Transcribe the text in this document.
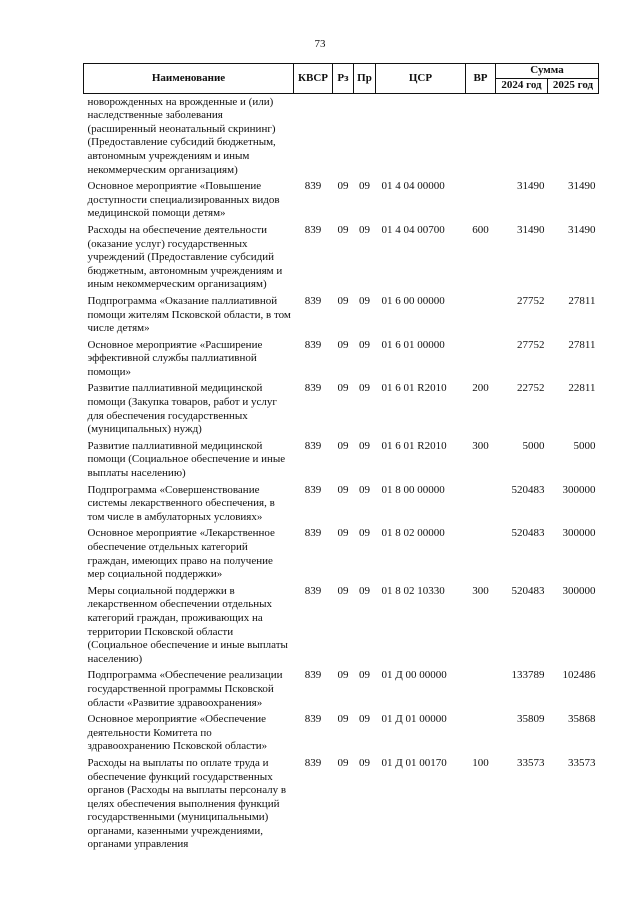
73
Наименование	КВСР	Рз	Пр	ЦСР	ВР	Сумма	
						2024 год	2025 год
новорожденных на врожденные и (или) наследственные заболевания (расширенный неонатальный скрининг) (Предоставление субсидий бюджетным, автономным учреждениям и иным некоммерческим организациям)							
Основное мероприятие «Повышение доступности специализированных видов медицинской помощи детям»	839	09	09	01 4 04 00000		31490	31490
Расходы на обеспечение деятельности (оказание услуг) государственных учреждений (Предоставление субсидий бюджетным, автономным учреждениям и иным некоммерческим организациям)	839	09	09	01 4 04 00700	600	31490	31490
Подпрограмма «Оказание паллиативной помощи жителям Псковской области, в том числе детям»	839	09	09	01 6 00 00000		27752	27811
Основное мероприятие «Расширение эффективной службы паллиативной помощи»	839	09	09	01 6 01 00000		27752	27811
Развитие паллиативной медицинской помощи (Закупка товаров, работ и услуг для обеспечения государственных (муниципальных) нужд)	839	09	09	01 6 01 R2010	200	22752	22811
Развитие паллиативной медицинской помощи (Социальное обеспечение и иные выплаты населению)	839	09	09	01 6 01 R2010	300	5000	5000
Подпрограмма «Совершенствование системы лекарственного обеспечения, в том числе в амбулаторных условиях»	839	09	09	01 8 00 00000		520483	300000
Основное мероприятие «Лекарственное обеспечение отдельных категорий граждан, имеющих право на получение мер социальной поддержки»	839	09	09	01 8 02 00000		520483	300000
Меры социальной поддержки в лекарственном обеспечении отдельных категорий граждан, проживающих на территории Псковской области (Социальное обеспечение и иные выплаты населению)	839	09	09	01 8 02 10330	300	520483	300000
Подпрограмма «Обеспечение реализации государственной программы Псковской области «Развитие здравоохранения»	839	09	09	01 Д 00 00000		133789	102486
Основное мероприятие «Обеспечение деятельности Комитета по здравоохранению Псковской области»	839	09	09	01 Д 01 00000		35809	35868
Расходы на выплаты по оплате труда и обеспечение функций государственных органов (Расходы на выплаты персоналу в целях обеспечения выполнения функций государственными (муниципальными) органами, казенными учреждениями, органами управления	839	09	09	01 Д 01 00170	100	33573	33573
